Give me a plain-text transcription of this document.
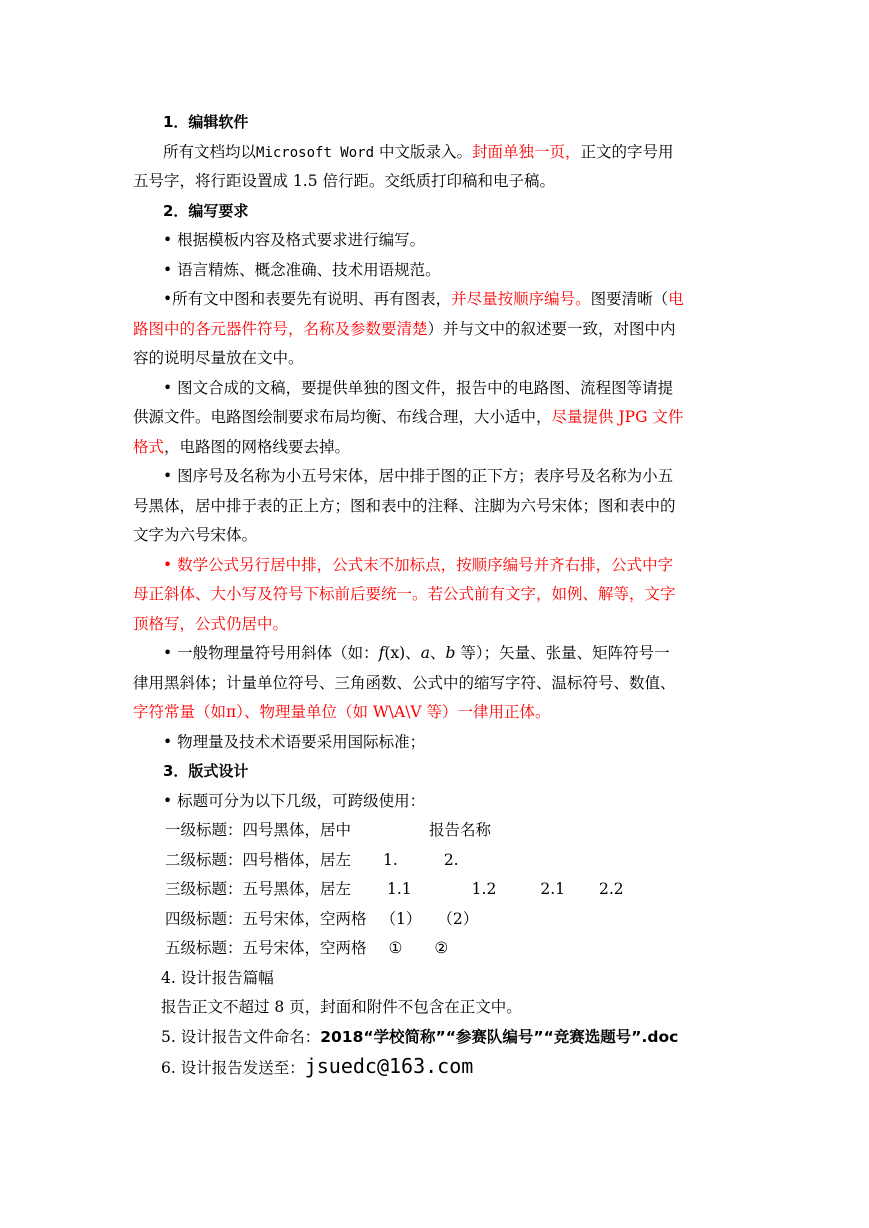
1．编辑软件
所有文档均以Microsoft Word 中文版录入。封面单独一页，正文的字号用
五号字，将行距设置成 1.5 倍行距。交纸质打印稿和电子稿。
2．编写要求
• 根据模板内容及格式要求进行编写。
• 语言精炼、概念准确、技术用语规范。
•所有文中图和表要先有说明、再有图表，并尽量按顺序编号。图要清晰（电
路图中的各元器件符号，名称及参数要清楚）并与文中的叙述要一致，对图中内
容的说明尽量放在文中。
• 图文合成的文稿，要提供单独的图文件，报告中的电路图、流程图等请提
供源文件。电路图绘制要求布局均衡、布线合理，大小适中，尽量提供 JPG 文件
格式，电路图的网格线要去掉。
• 图序号及名称为小五号宋体，居中排于图的正下方；表序号及名称为小五
号黑体，居中排于表的正上方；图和表中的注释、注脚为六号宋体；图和表中的
文字为六号宋体。
• 数学公式另行居中排，公式末不加标点，按顺序编号并齐右排，公式中字
母正斜体、大小写及符号下标前后要统一。若公式前有文字，如例、解等，文字
顶格写，公式仍居中。
• 一般物理量符号用斜体（如：f(x)、a、b 等）；矢量、张量、矩阵符号一
律用黑斜体；计量单位符号、三角函数、公式中的缩写字符、温标符号、数值、
字符常量（如π）、物理量单位（如 W\A\V 等）一律用正体。
• 物理量及技术术语要采用国际标准；
3．版式设计
• 标题可分为以下几级，可跨级使用：
一级标题：四号黑体，居中	报告名称
二级标题：四号楷体，居左 1.	2.
三级标题：五号黑体，居左 1.1	1.2	2.1 2.2
四级标题：五号宋体，空两格 （1） （2）
五级标题：五号宋体，空两格 ① ②
4. 设计报告篇幅
报告正文不超过 8 页，封面和附件不包含在正文中。
5. 设计报告文件命名：2018“学校简称”“参赛队编号”“竞赛选题号”.doc
6. 设计报告发送至：jsuedc@163.com
